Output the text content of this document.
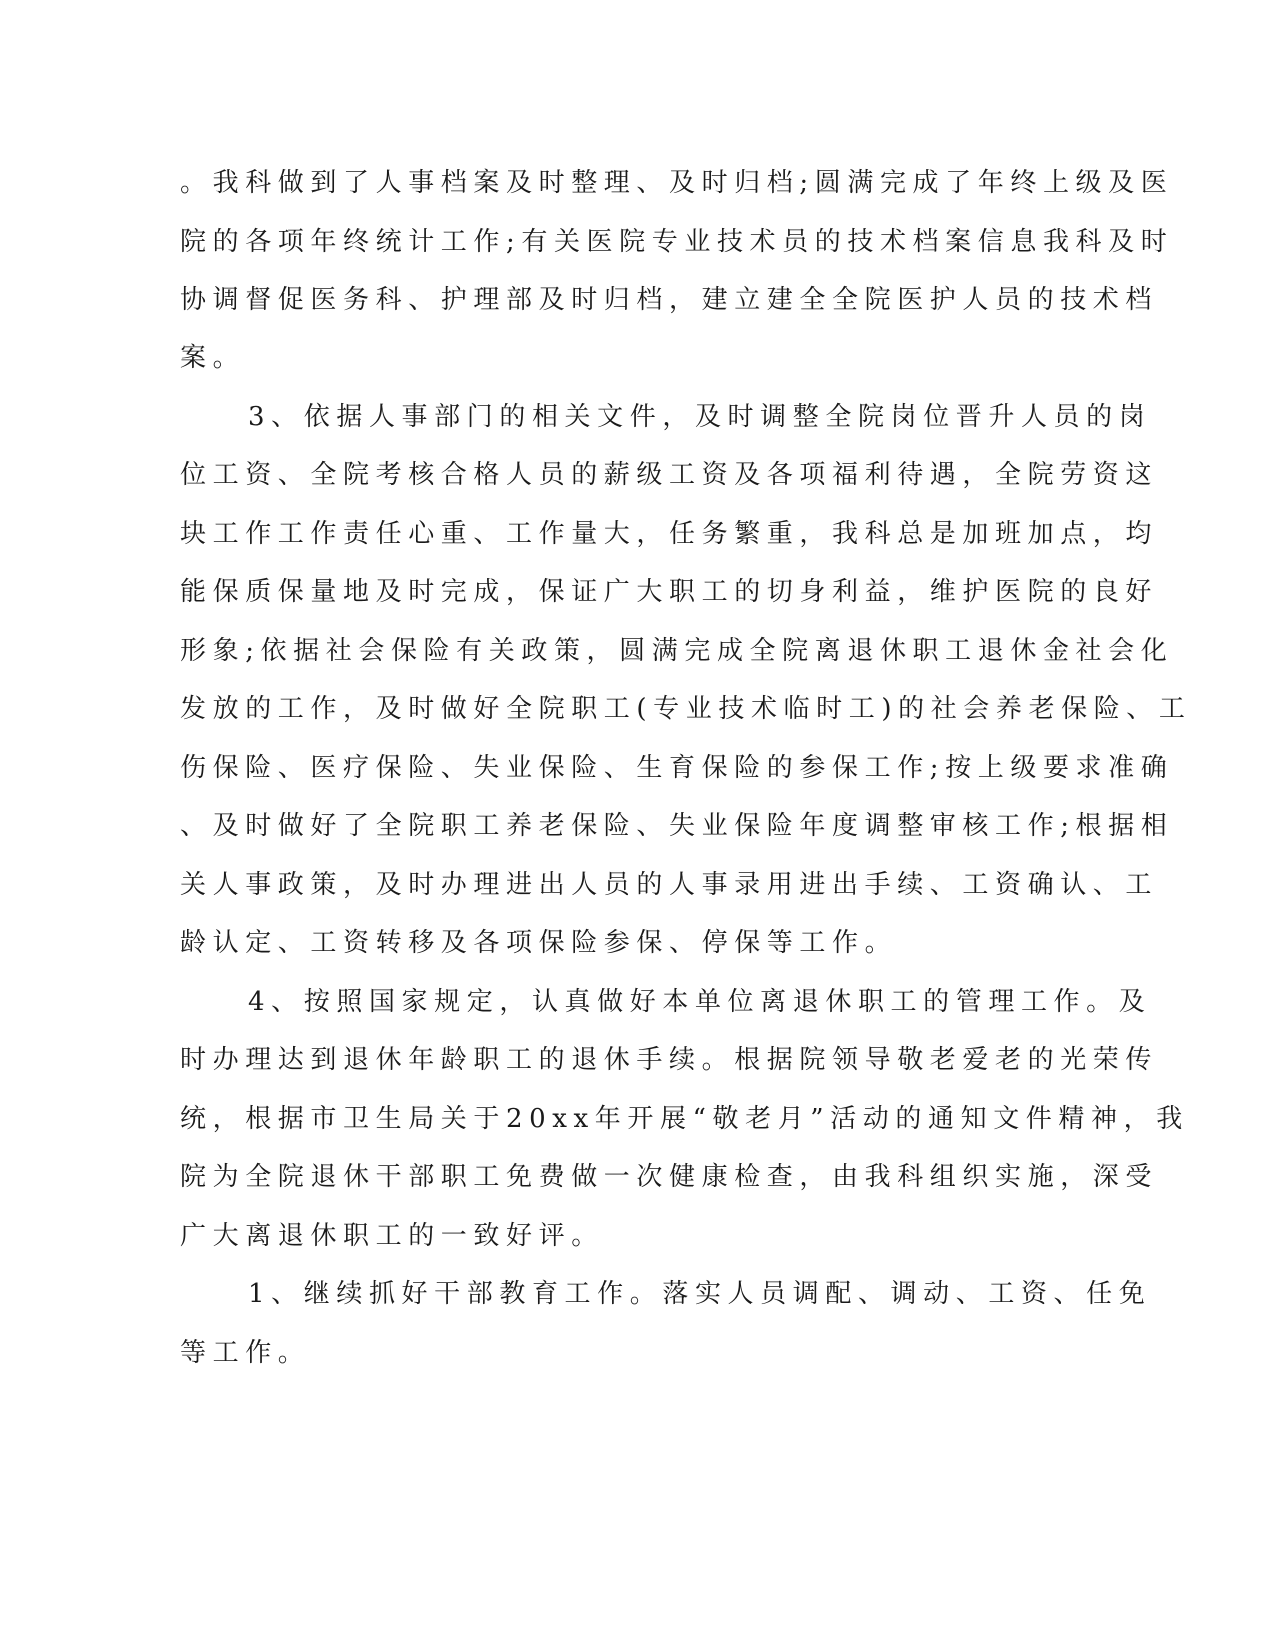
。我科做到了人事档案及时整理、及时归档;圆满完成了年终上级及医
院的各项年终统计工作;有关医院专业技术员的技术档案信息我科及时
协调督促医务科、护理部及时归档，建立建全全院医护人员的技术档
案。
3、依据人事部门的相关文件，及时调整全院岗位晋升人员的岗
位工资、全院考核合格人员的薪级工资及各项福利待遇，全院劳资这
块工作工作责任心重、工作量大，任务繁重，我科总是加班加点，均
能保质保量地及时完成，保证广大职工的切身利益，维护医院的良好
形象;依据社会保险有关政策，圆满完成全院离退休职工退休金社会化
发放的工作，及时做好全院职工(专业技术临时工)的社会养老保险、工
伤保险、医疗保险、失业保险、生育保险的参保工作;按上级要求准确
、及时做好了全院职工养老保险、失业保险年度调整审核工作;根据相
关人事政策，及时办理进出人员的人事录用进出手续、工资确认、工
龄认定、工资转移及各项保险参保、停保等工作。
4、按照国家规定，认真做好本单位离退休职工的管理工作。及
时办理达到退休年龄职工的退休手续。根据院领导敬老爱老的光荣传
统，根据市卫生局关于20xx年开展“敬老月”活动的通知文件精神，我
院为全院退休干部职工免费做一次健康检查，由我科组织实施，深受
广大离退休职工的一致好评。
1、继续抓好干部教育工作。落实人员调配、调动、工资、任免
等工作。
